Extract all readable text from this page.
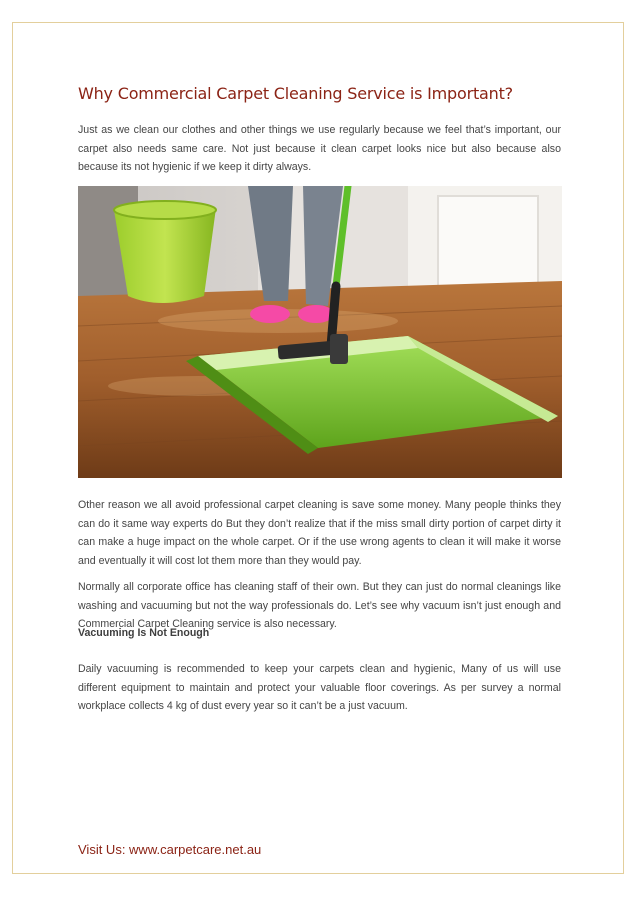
Why Commercial Carpet Cleaning Service is Important?

Just as we clean our clothes and other things we use regularly because we feel that’s important, our carpet also needs same care. Not just because it clean carpet looks nice but also because also because its not hygienic if we keep it dirty always.

Other reason we all avoid professional carpet cleaning is save some money. Many people thinks they can do it same way experts do But they don’t realize that if the miss small dirty portion of carpet dirty it can make a huge impact on the whole carpet. Or if the use wrong agents to clean it will make it worse and eventually it will cost lot them more than they would pay.

Normally all corporate office has cleaning staff of their own. But they can just do normal cleanings like washing and vacuuming but not the way professionals do. Let’s see why vacuum isn’t just enough and Commercial Carpet Cleaning service is also necessary.

Vacuuming Is Not Enough

Daily vacuuming is recommended to keep your carpets clean and hygienic, Many of us will use different equipment to maintain and protect your valuable floor coverings. As per survey a normal workplace collects 4 kg of dust every year so it can’t be a just vacuum.

Visit Us: www.carpetcare.net.au
